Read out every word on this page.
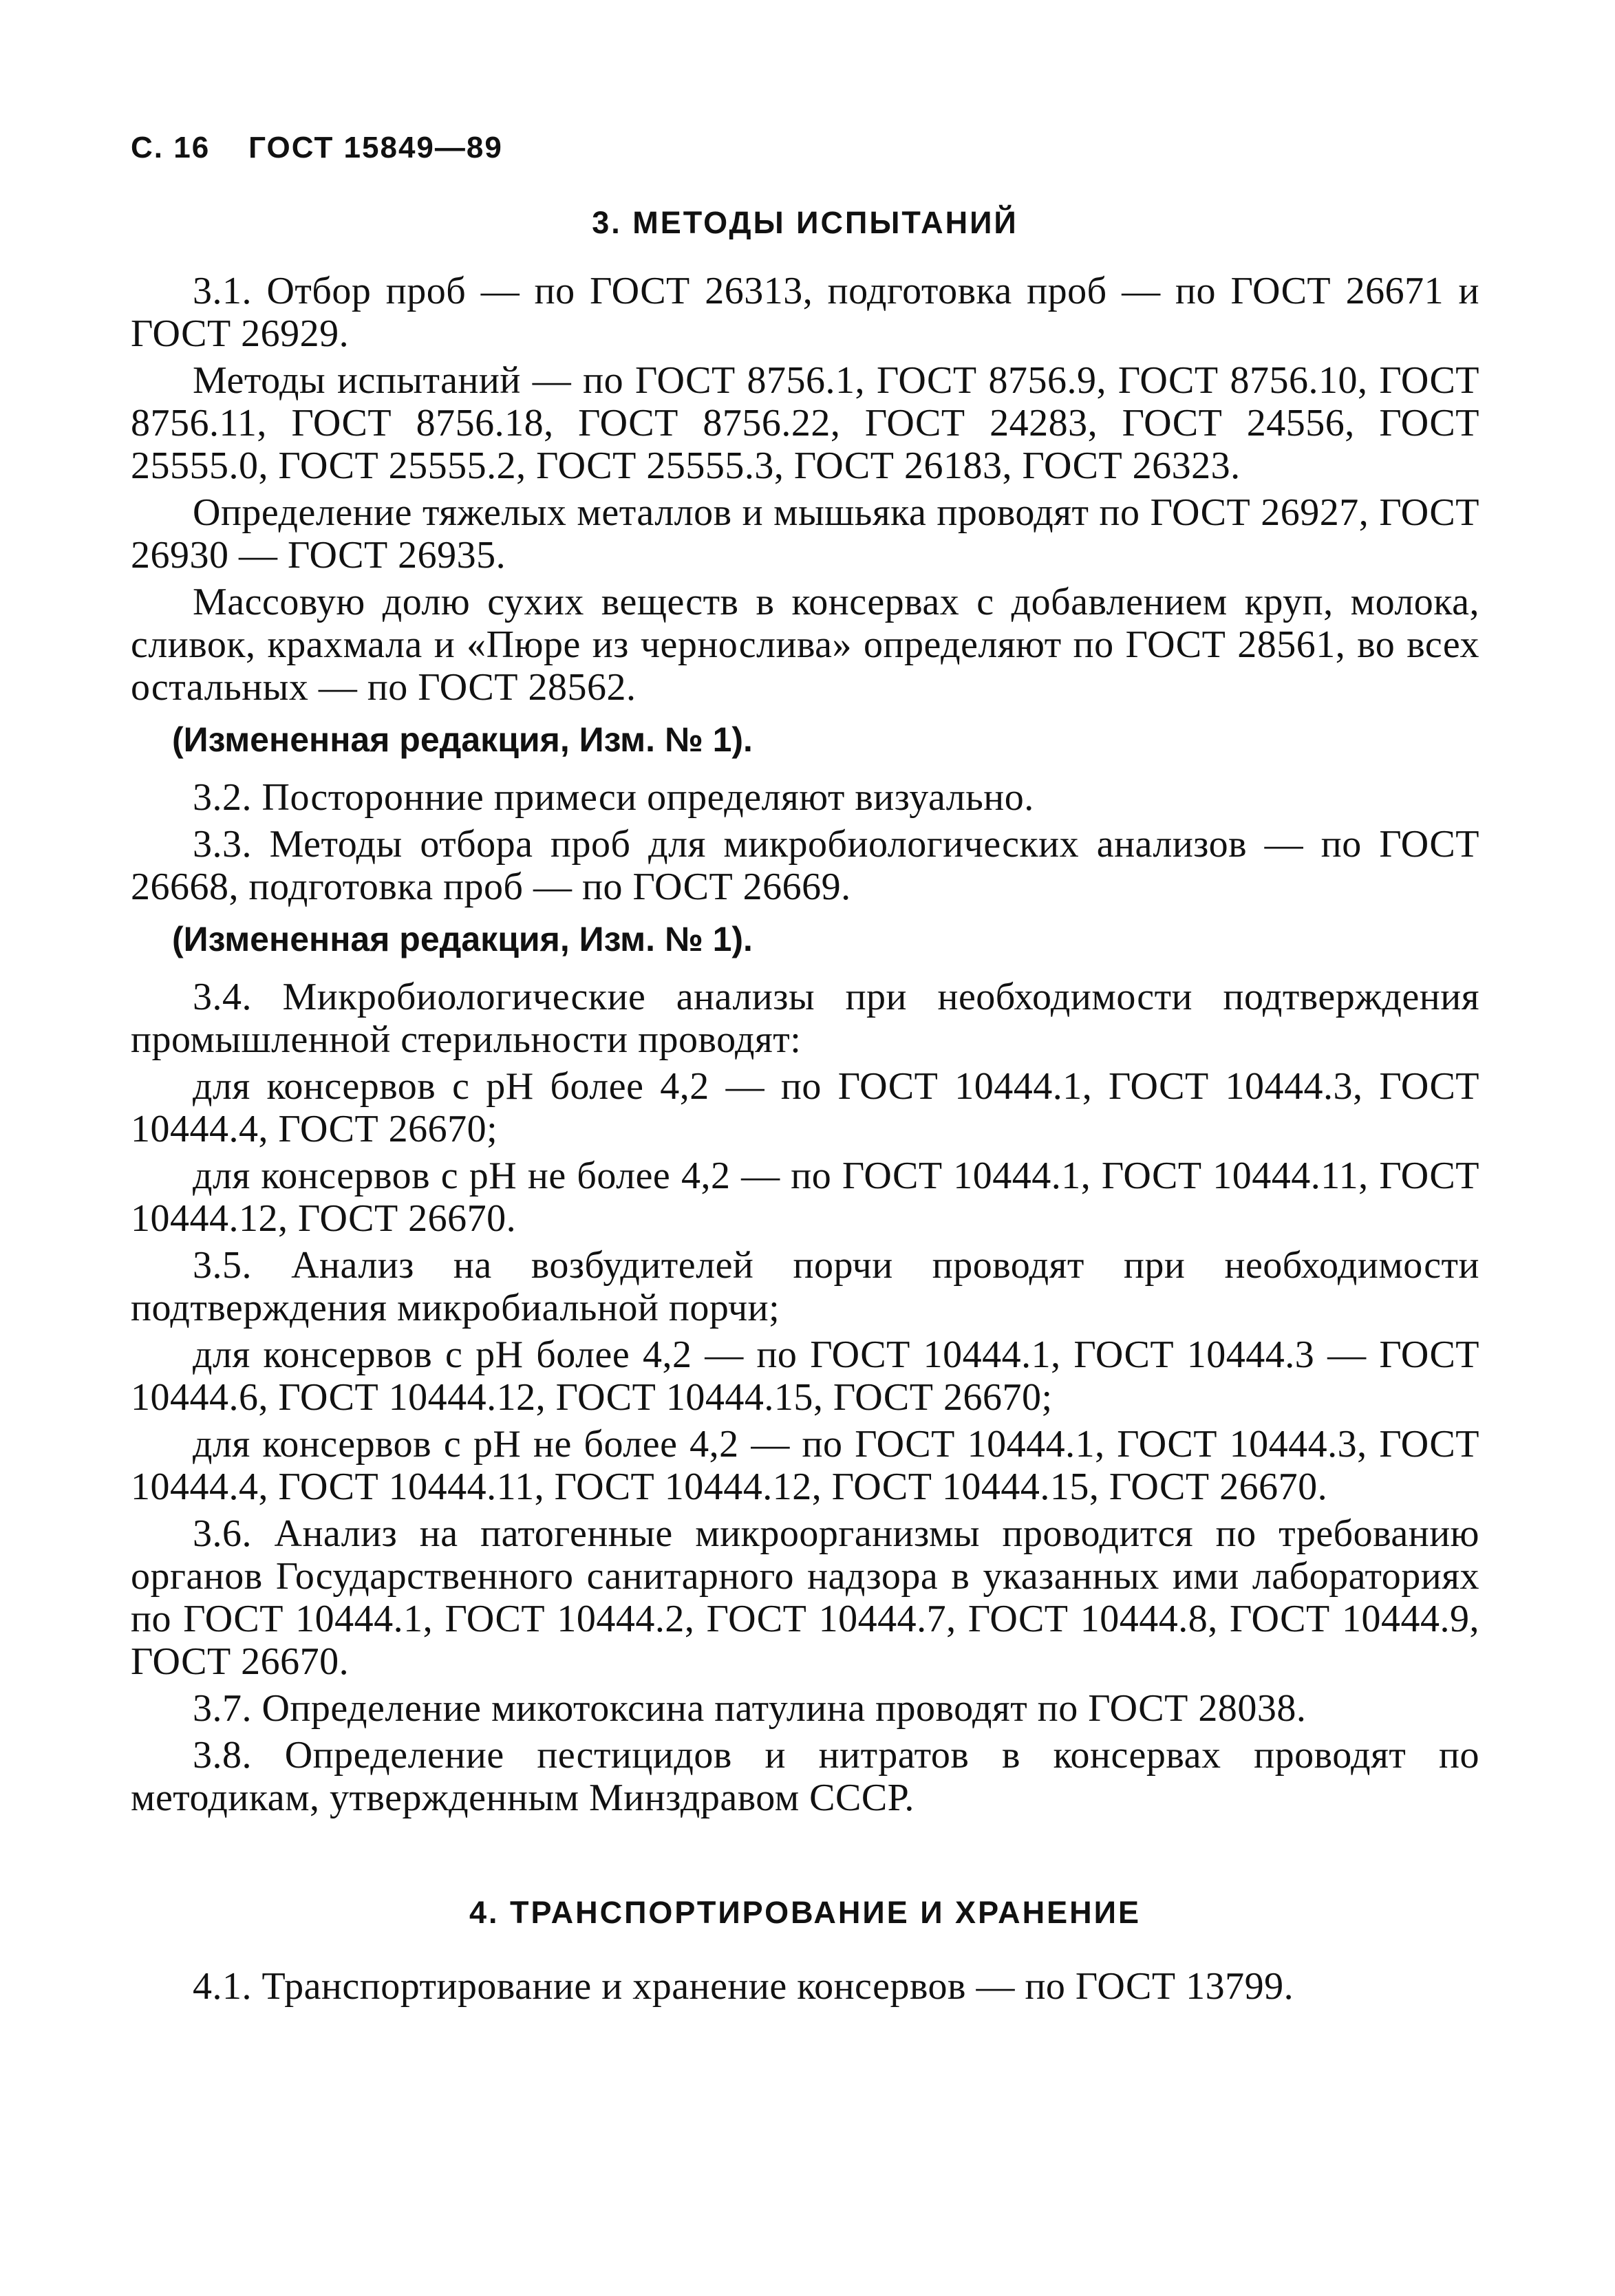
С. 16 ГОСТ 15849—89
3. МЕТОДЫ ИСПЫТАНИЙ

3.1. Отбор проб — по ГОСТ 26313, подготовка проб — по ГОСТ 26671 и ГОСТ 26929.

Методы испытаний — по ГОСТ 8756.1, ГОСТ 8756.9, ГОСТ 8756.10, ГОСТ 8756.11, ГОСТ 8756.18, ГОСТ 8756.22, ГОСТ 24283, ГОСТ 24556, ГОСТ 25555.0, ГОСТ 25555.2, ГОСТ 25555.3, ГОСТ 26183, ГОСТ 26323.

Определение тяжелых металлов и мышьяка проводят по ГОСТ 26927, ГОСТ 26930 — ГОСТ 26935.

Массовую долю сухих веществ в консервах с добавлением круп, молока, сливок, крахмала и «Пюре из чернослива» определяют по ГОСТ 28561, во всех остальных — по ГОСТ 28562.

(Измененная редакция, Изм. № 1).

3.2. Посторонние примеси определяют визуально.

3.3. Методы отбора проб для микробиологических анализов — по ГОСТ 26668, подготовка проб — по ГОСТ 26669.

(Измененная редакция, Изм. № 1).

3.4. Микробиологические анализы при необходимости подтверждения промышленной стерильности проводят:

для консервов с pH более 4,2 — по ГОСТ 10444.1, ГОСТ 10444.3, ГОСТ 10444.4, ГОСТ 26670;

для консервов с pH не более 4,2 — по ГОСТ 10444.1, ГОСТ 10444.11, ГОСТ 10444.12, ГОСТ 26670.

3.5. Анализ на возбудителей порчи проводят при необходимости подтверждения микробиальной порчи;

для консервов с pH более 4,2 — по ГОСТ 10444.1, ГОСТ 10444.3 — ГОСТ 10444.6, ГОСТ 10444.12, ГОСТ 10444.15, ГОСТ 26670;

для консервов с pH не более 4,2 — по ГОСТ 10444.1, ГОСТ 10444.3, ГОСТ 10444.4, ГОСТ 10444.11, ГОСТ 10444.12, ГОСТ 10444.15, ГОСТ 26670.

3.6. Анализ на патогенные микроорганизмы проводится по требованию органов Государственного санитарного надзора в указанных ими лабораториях по ГОСТ 10444.1, ГОСТ 10444.2, ГОСТ 10444.7, ГОСТ 10444.8, ГОСТ 10444.9, ГОСТ 26670.

3.7. Определение микотоксина патулина проводят по ГОСТ 28038.

3.8. Определение пестицидов и нитратов в консервах проводят по методикам, утвержденным Минздравом СССР.

4. ТРАНСПОРТИРОВАНИЕ И ХРАНЕНИЕ

4.1. Транспортирование и хранение консервов — по ГОСТ 13799.
